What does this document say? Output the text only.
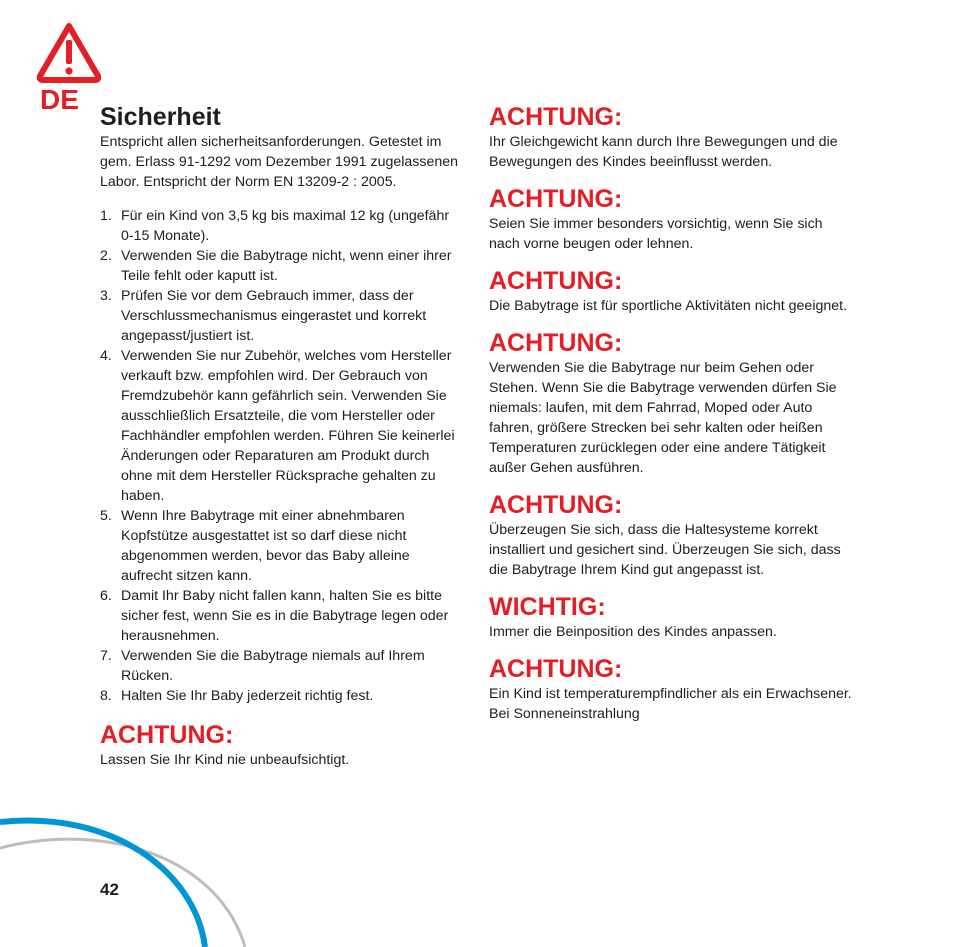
DE
Sicherheit

Entspricht allen sicherheitsanforderungen. Getestet im gem. Erlass 91-1292 vom Dezember 1991 zugelassenen Labor. Entspricht der Norm EN 13209-2 : 2005.

1. Für ein Kind von 3,5 kg bis maximal 12 kg (ungefähr 0-15 Monate).
2. Verwenden Sie die Babytrage nicht, wenn einer ihrer Teile fehlt oder kaputt ist.
3. Prüfen Sie vor dem Gebrauch immer, dass der Verschlussmechanismus eingerastet und korrekt angepasst/justiert ist.
4. Verwenden Sie nur Zubehör, welches vom Hersteller verkauft bzw. empfohlen wird. Der Gebrauch von Fremdzubehör kann gefährlich sein. Verwenden Sie ausschließlich Ersatzteile, die vom Hersteller oder Fachhändler empfohlen werden. Führen Sie keinerlei Änderungen oder Reparaturen am Produkt durch ohne mit dem Hersteller Rücksprache gehalten zu haben.
5. Wenn Ihre Babytrage mit einer abnehmbaren Kopfstütze ausgestattet ist so darf diese nicht abgenommen werden, bevor das Baby alleine aufrecht sitzen kann.
6. Damit Ihr Baby nicht fallen kann, halten Sie es bitte sicher fest, wenn Sie es in die Babytrage legen oder herausnehmen.
7. Verwenden Sie die Babytrage niemals auf Ihrem Rücken.
8. Halten Sie Ihr Baby jederzeit richtig fest.
ACHTUNG:

Lassen Sie Ihr Kind nie unbeaufsichtigt.

ACHTUNG:

Ihr Gleichgewicht kann durch Ihre Bewegungen und die Bewegungen des Kindes beeinflusst werden.

ACHTUNG:

Seien Sie immer besonders vorsichtig, wenn Sie sich nach vorne beugen oder lehnen.

ACHTUNG:

Die Babytrage ist für sportliche Aktivitäten nicht geeignet.

ACHTUNG:

Verwenden Sie die Babytrage nur beim Gehen oder Stehen. Wenn Sie die Babytrage verwenden dürfen Sie niemals: laufen, mit dem Fahrrad, Moped oder Auto fahren, größere Strecken bei sehr kalten oder heißen Temperaturen zurücklegen oder eine andere Tätigkeit außer Gehen ausführen.

ACHTUNG:

Überzeugen Sie sich, dass die Haltesysteme korrekt installiert und gesichert sind. Überzeugen Sie sich, dass die Babytrage Ihrem Kind gut angepasst ist.

WICHTIG:

Immer die Beinposition des Kindes anpassen.

ACHTUNG:

Ein Kind ist temperaturempfindlicher als ein Erwachsener. Bei Sonneneinstrahlung

42
